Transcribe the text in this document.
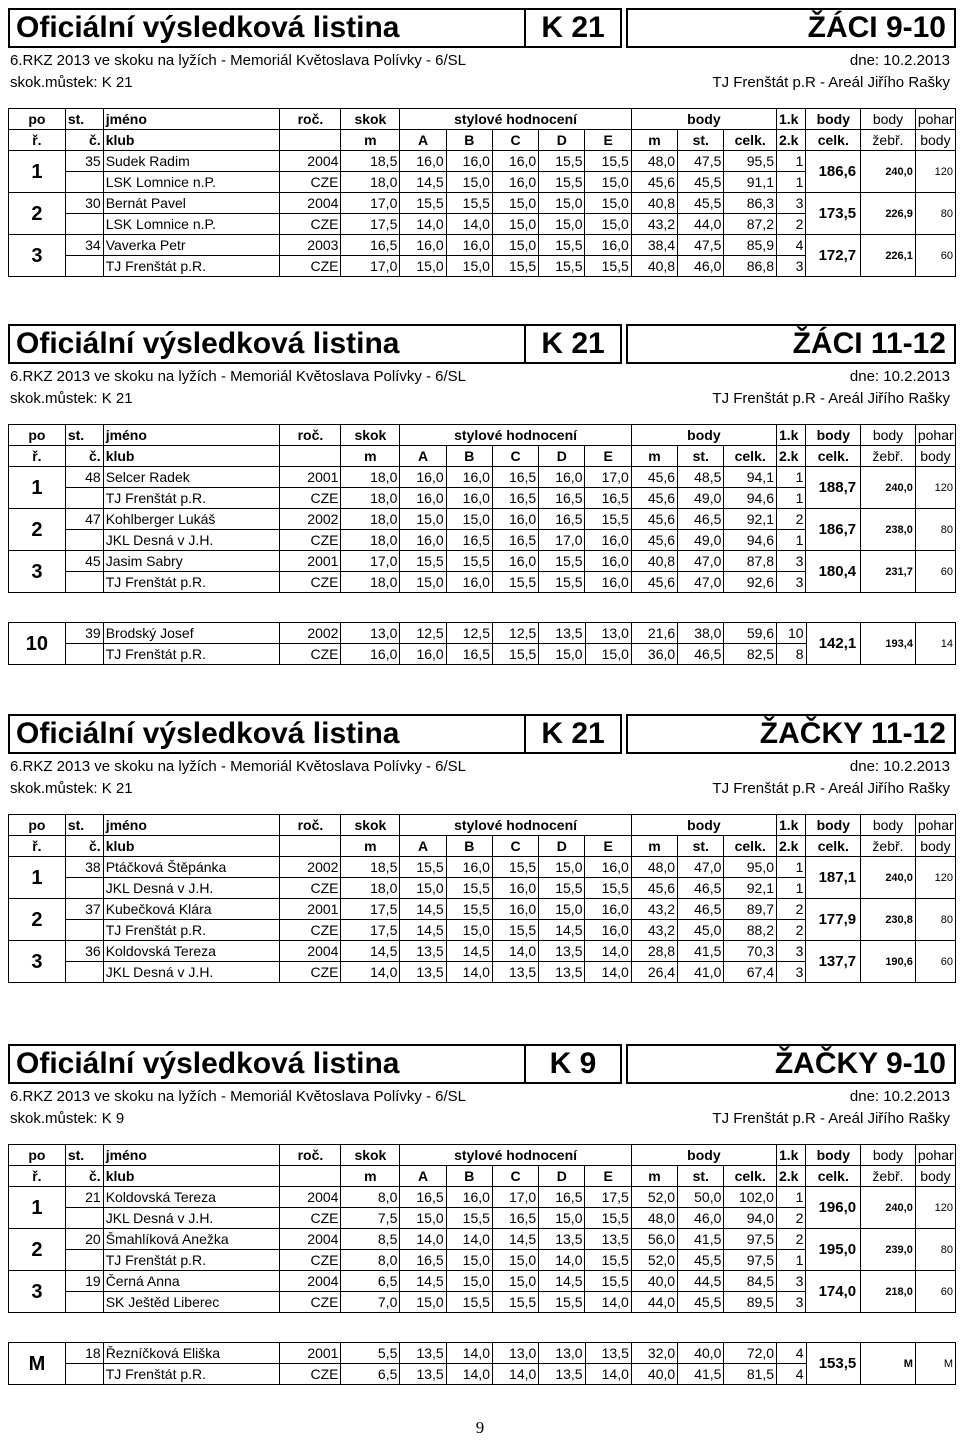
Oficiální výsledková listina	K 21	ŽÁCI 9-10
6.RKZ 2013 ve skoku na lyžích - Memoriál Květoslava Polívky - 6/SL	dne: 10.2.2013
skok.můstek: K 21	TJ Frenštát p.R - Areál Jiřího Rašky
po	st.	jméno	roč.	skok	stylové hodnocení					body			1.k	body	body	pohar
ř.	č.	klub		m	A	B	C	D	E	m	st.	celk.	2.k	celk.	žebř.	body
1	35	Sudek Radim	2004	18,5	16,0	16,0	16,0	15,5	15,5	48,0	47,5	95,5	1	186,6	240,0	120
		LSK Lomnice n.P.	CZE	18,0	14,5	15,0	16,0	15,5	15,0	45,6	45,5	91,1	1			
2	30	Bernát Pavel	2004	17,0	15,5	15,5	15,0	15,0	15,0	40,8	45,5	86,3	3	173,5	226,9	80
		LSK Lomnice n.P.	CZE	17,5	14,0	14,0	15,0	15,0	15,0	43,2	44,0	87,2	2			
3	34	Vaverka Petr	2003	16,5	16,0	16,0	15,0	15,5	16,0	38,4	47,5	85,9	4	172,7	226,1	60
		TJ Frenštát p.R.	CZE	17,0	15,0	15,0	15,5	15,5	15,5	40,8	46,0	86,8	3			
Oficiální výsledková listina	K 21	ŽÁCI 11-12
6.RKZ 2013 ve skoku na lyžích - Memoriál Květoslava Polívky - 6/SL	dne: 10.2.2013
skok.můstek: K 21	TJ Frenštát p.R - Areál Jiřího Rašky
po	st.	jméno	roč.	skok	stylové hodnocení					body			1.k	body	body	pohar
ř.	č.	klub		m	A	B	C	D	E	m	st.	celk.	2.k	celk.	žebř.	body
1	48	Selcer Radek	2001	18,0	16,0	16,0	16,5	16,0	17,0	45,6	48,5	94,1	1	188,7	240,0	120
		TJ Frenštát p.R.	CZE	18,0	16,0	16,0	16,5	16,5	16,5	45,6	49,0	94,6	1			
2	47	Kohlberger Lukáš	2002	18,0	15,0	15,0	16,0	16,5	15,5	45,6	46,5	92,1	2	186,7	238,0	80
		JKL Desná v J.H.	CZE	18,0	16,0	16,5	16,5	17,0	16,0	45,6	49,0	94,6	1			
3	45	Jasim Sabry	2001	17,0	15,5	15,5	16,0	15,5	16,0	40,8	47,0	87,8	3	180,4	231,7	60
		TJ Frenštát p.R.	CZE	18,0	15,0	16,0	15,5	15,5	16,0	45,6	47,0	92,6	3			
10	39	Brodský Josef	2002	13,0	12,5	12,5	12,5	13,5	13,0	21,6	38,0	59,6	10	142,1	193,4	14
		TJ Frenštát p.R.	CZE	16,0	16,0	16,5	15,5	15,0	15,0	36,0	46,5	82,5	8			
Oficiální výsledková listina	K 21	ŽAČKY 11-12
6.RKZ 2013 ve skoku na lyžích - Memoriál Květoslava Polívky - 6/SL	dne: 10.2.2013
skok.můstek: K 21	TJ Frenštát p.R - Areál Jiřího Rašky
po	st.	jméno	roč.	skok	stylové hodnocení					body			1.k	body	body	pohar
ř.	č.	klub		m	A	B	C	D	E	m	st.	celk.	2.k	celk.	žebř.	body
1	38	Ptáčková Štěpánka	2002	18,5	15,5	16,0	15,5	15,0	16,0	48,0	47,0	95,0	1	187,1	240,0	120
		JKL Desná v J.H.	CZE	18,0	15,0	15,5	16,0	15,5	15,5	45,6	46,5	92,1	1			
2	37	Kubečková Klára	2001	17,5	14,5	15,5	16,0	15,0	16,0	43,2	46,5	89,7	2	177,9	230,8	80
		TJ Frenštát p.R.	CZE	17,5	14,5	15,0	15,5	14,5	16,0	43,2	45,0	88,2	2			
3	36	Koldovská Tereza	2004	14,5	13,5	14,5	14,0	13,5	14,0	28,8	41,5	70,3	3	137,7	190,6	60
		JKL Desná v J.H.	CZE	14,0	13,5	14,0	13,5	13,5	14,0	26,4	41,0	67,4	3			
Oficiální výsledková listina	K 9	ŽAČKY 9-10
6.RKZ 2013 ve skoku na lyžích - Memoriál Květoslava Polívky - 6/SL	dne: 10.2.2013
skok.můstek: K 9	TJ Frenštát p.R - Areál Jiřího Rašky
po	st.	jméno	roč.	skok	stylové hodnocení					body			1.k	body	body	pohar
ř.	č.	klub		m	A	B	C	D	E	m	st.	celk.	2.k	celk.	žebř.	body
1	21	Koldovská Tereza	2004	8,0	16,5	16,0	17,0	16,5	17,5	52,0	50,0	102,0	1	196,0	240,0	120
		JKL Desná v J.H.	CZE	7,5	15,0	15,5	16,5	15,0	15,5	48,0	46,0	94,0	2			
2	20	Šmahlíková Anežka	2004	8,5	14,0	14,0	14,5	13,5	13,5	56,0	41,5	97,5	2	195,0	239,0	80
		TJ Frenštát p.R.	CZE	8,0	16,5	15,0	15,0	14,0	15,5	52,0	45,5	97,5	1			
3	19	Černá Anna	2004	6,5	14,5	15,0	15,0	14,5	15,5	40,0	44,5	84,5	3	174,0	218,0	60
		SK Ještěd Liberec	CZE	7,0	15,0	15,5	15,5	15,5	14,0	44,0	45,5	89,5	3			
M	18	Řezníčková Eliška	2001	5,5	13,5	14,0	13,0	13,0	13,5	32,0	40,0	72,0	4	153,5	M	M
		TJ Frenštát p.R.	CZE	6,5	13,5	14,0	14,0	13,5	14,0	40,0	41,5	81,5	4			
9
